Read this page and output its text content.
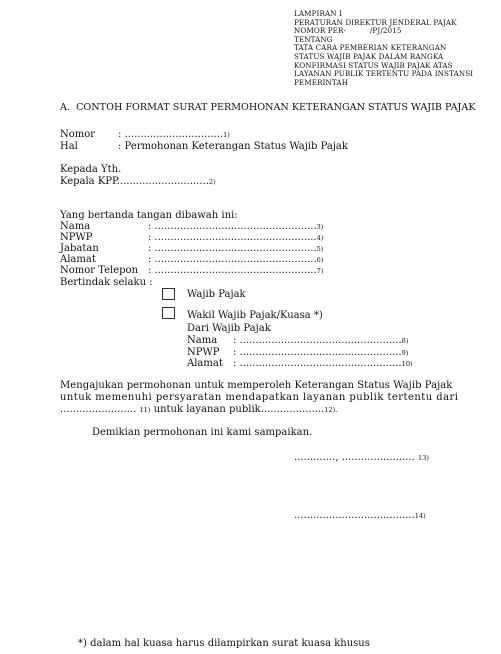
LAMPIRAN I
PERATURAN DIREKTUR JENDERAL PAJAK
NOMOR PER-          /PJ/2015
TENTANG
TATA CARA PEMBERIAN KETERANGAN
STATUS WAJIB PAJAK DALAM RANGKA
KONFIRMASI STATUS WAJIB PAJAK ATAS
LAYANAN PUBLIK TERTENTU PADA INSTANSI
PEMERINTAH
A.  CONTOH FORMAT SURAT PERMOHONAN KETERANGAN STATUS WAJIB PAJAK
Nomor : ...............................1)
Hal	: Permohonan Keterangan Status Wajib Pajak
Kepada Yth.
Kepala KPP.............................2)
Yang bertanda tangan dibawah ini:
Nama	: ...................................................3)
NPWP	: ...................................................4)
Jabatan	: ...................................................5)
Alamat	: ...................................................6)
Nomor Telepon : ...................................................7)
Bertindak selaku :
Wajib Pajak
Wakil Wajib Pajak/Kuasa *)
Dari Wajib Pajak
Nama : ...................................................8)
NPWP : ...................................................9)
Alamat : ...................................................10)
Mengajukan permohonan untuk memperoleh Keterangan Status Wajib Pajak
untuk memenuhi persyaratan mendapatkan layanan publik tertentu dari
........................ 11) untuk layanan publik....................12).
Demikian permohonan ini kami sampaikan.
............., ....................... 13)
......................................14)
*) dalam hal kuasa harus dilampirkan surat kuasa khusus
